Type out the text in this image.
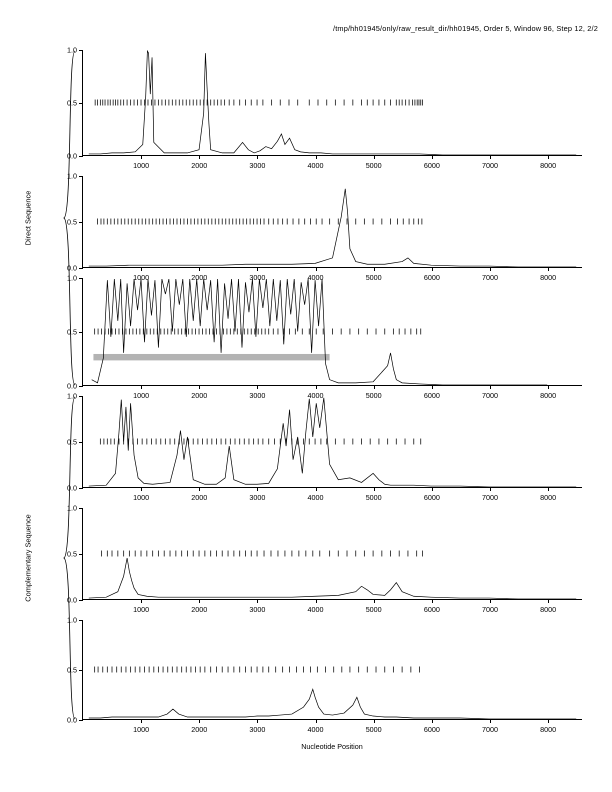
/tmp/hh01945/only/raw_result_dir/hh01945, Order 5, Window 96, Step 12, 2/2
Direct Sequence
Complementary Sequence
0.0
0.5
1.0
1000	2000	3000	4000	5000	6000	7000	8000
0.0
0.5
1.0
1000	2000	3000	4000	5000	6000	7000	8000
0.0
0.5
1.0
1000	2000	3000	4000	5000	6000	7000	8000
0.0
0.5
1.0
1000	2000	3000	4000	5000	6000	7000	8000
0.0
0.5
1.0
1000	2000	3000	4000	5000	6000	7000	8000
0.0
0.5
1.0
1000	2000	3000	4000	5000	6000	7000	8000
Nucleotide Position
